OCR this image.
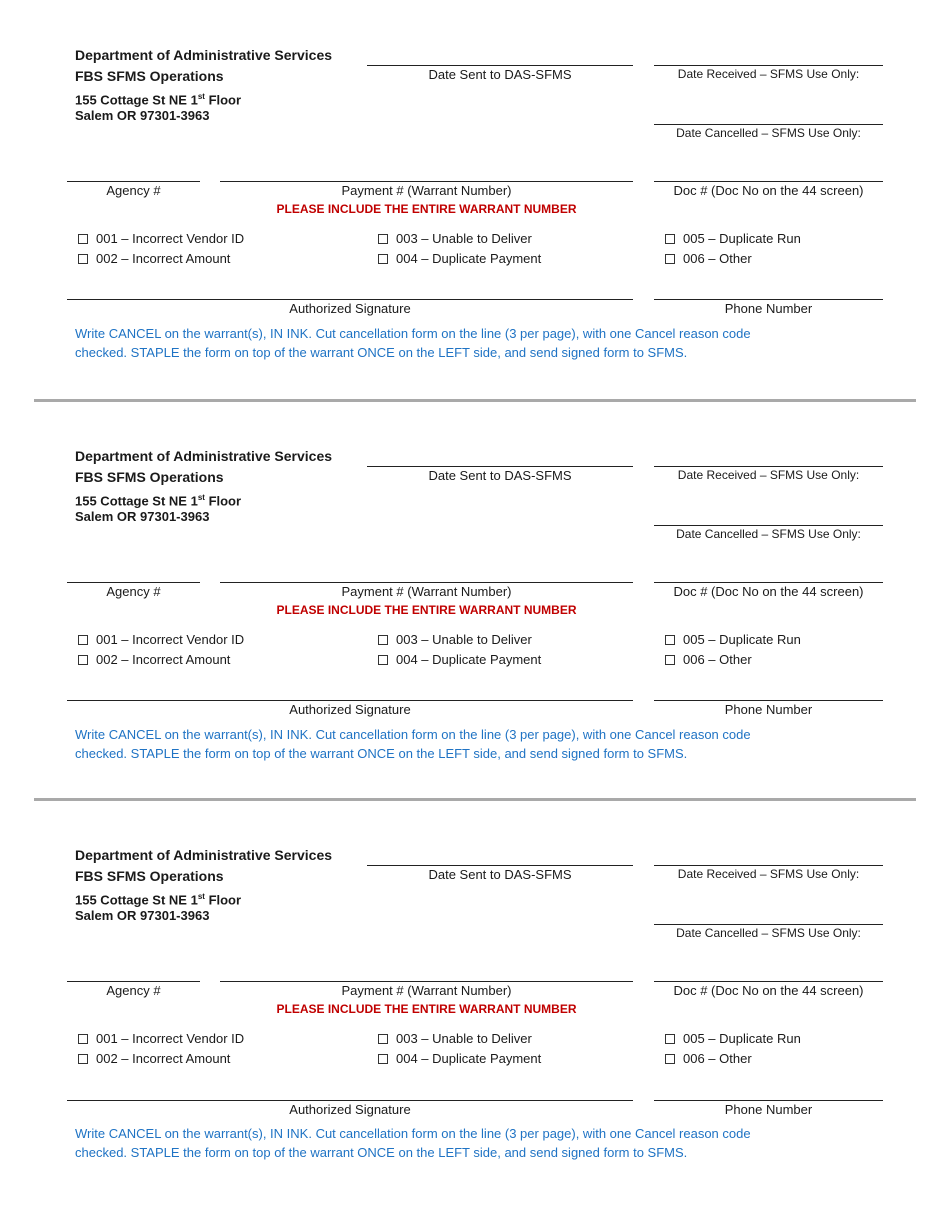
Department of Administrative Services
FBS SFMS Operations
155 Cottage St NE 1st Floor
Salem OR 97301-3963
Date Sent to DAS-SFMS	Date Received – SFMS Use Only:
Date Cancelled – SFMS Use Only:
Agency #	Payment # (Warrant Number)
PLEASE INCLUDE THE ENTIRE WARRANT NUMBER
Doc # (Doc No on the 44 screen)
001 – Incorrect Vendor ID
002 – Incorrect Amount
003 – Unable to Deliver
004 – Duplicate Payment
005 – Duplicate Run
006 – Other
Authorized Signature	Phone Number
Write CANCEL on the warrant(s), IN INK. Cut cancellation form on the line (3 per page), with one Cancel reason code
checked. STAPLE the form on top of the warrant ONCE on the LEFT side, and send signed form to SFMS.
Department of Administrative Services
FBS SFMS Operations
155 Cottage St NE 1st Floor
Salem OR 97301-3963
Date Sent to DAS-SFMS	Date Received – SFMS Use Only:
Date Cancelled – SFMS Use Only:
Agency #	Payment # (Warrant Number)
PLEASE INCLUDE THE ENTIRE WARRANT NUMBER
Doc # (Doc No on the 44 screen)
001 – Incorrect Vendor ID
002 – Incorrect Amount
003 – Unable to Deliver
004 – Duplicate Payment
005 – Duplicate Run
006 – Other
Authorized Signature	Phone Number
Write CANCEL on the warrant(s), IN INK. Cut cancellation form on the line (3 per page), with one Cancel reason code
checked. STAPLE the form on top of the warrant ONCE on the LEFT side, and send signed form to SFMS.
Department of Administrative Services
FBS SFMS Operations
155 Cottage St NE 1st Floor
Salem OR 97301-3963
Date Sent to DAS-SFMS	Date Received – SFMS Use Only:
Date Cancelled – SFMS Use Only:
Agency #	Payment # (Warrant Number)
PLEASE INCLUDE THE ENTIRE WARRANT NUMBER
Doc # (Doc No on the 44 screen)
001 – Incorrect Vendor ID
002 – Incorrect Amount
003 – Unable to Deliver
004 – Duplicate Payment
005 – Duplicate Run
006 – Other
Authorized Signature	Phone Number
Write CANCEL on the warrant(s), IN INK. Cut cancellation form on the line (3 per page), with one Cancel reason code
checked. STAPLE the form on top of the warrant ONCE on the LEFT side, and send signed form to SFMS.
